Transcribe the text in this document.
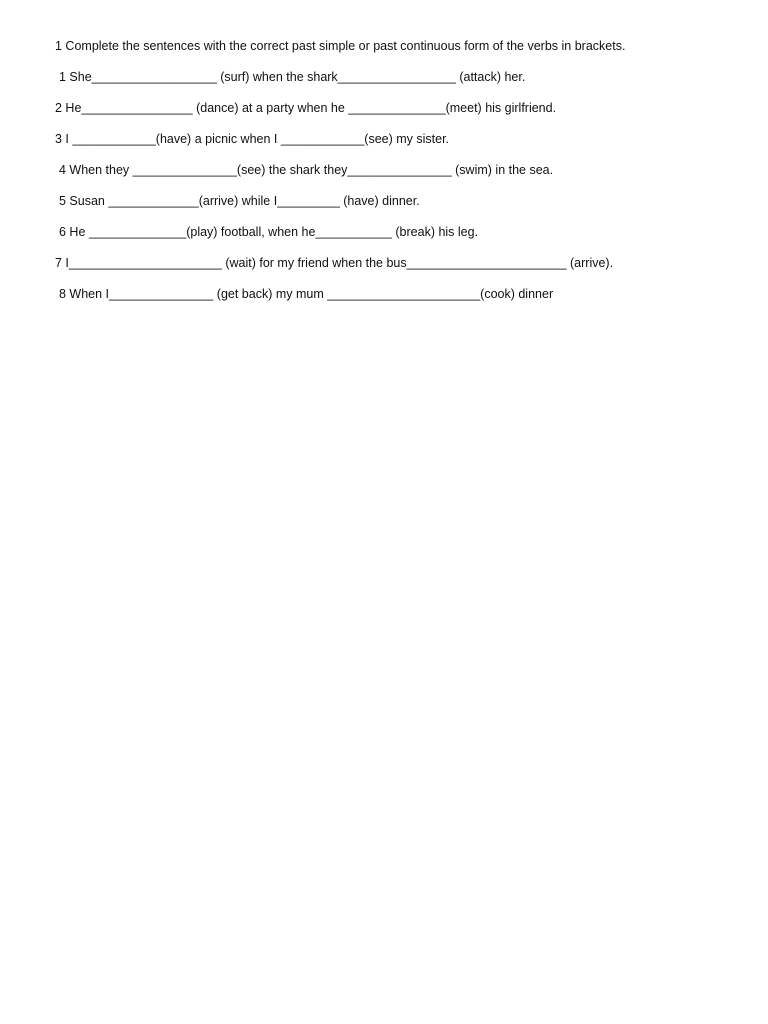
1 Complete the sentences with the correct past simple or past continuous form of the verbs in brackets.
1 She__________________ (surf) when the shark_________________ (attack) her.
2 He________________ (dance) at a party when he ______________(meet) his girlfriend.
3 I ____________(have) a picnic when I ____________(see) my sister.
4 When they _______________(see) the shark they_______________ (swim) in the sea.
5 Susan _____________(arrive) while I_________ (have) dinner.
6 He ______________(play) football, when he___________ (break) his leg.
7 I______________________ (wait) for my friend when the bus_______________________ (arrive).
8 When I_______________ (get back) my mum ______________________(cook) dinner
